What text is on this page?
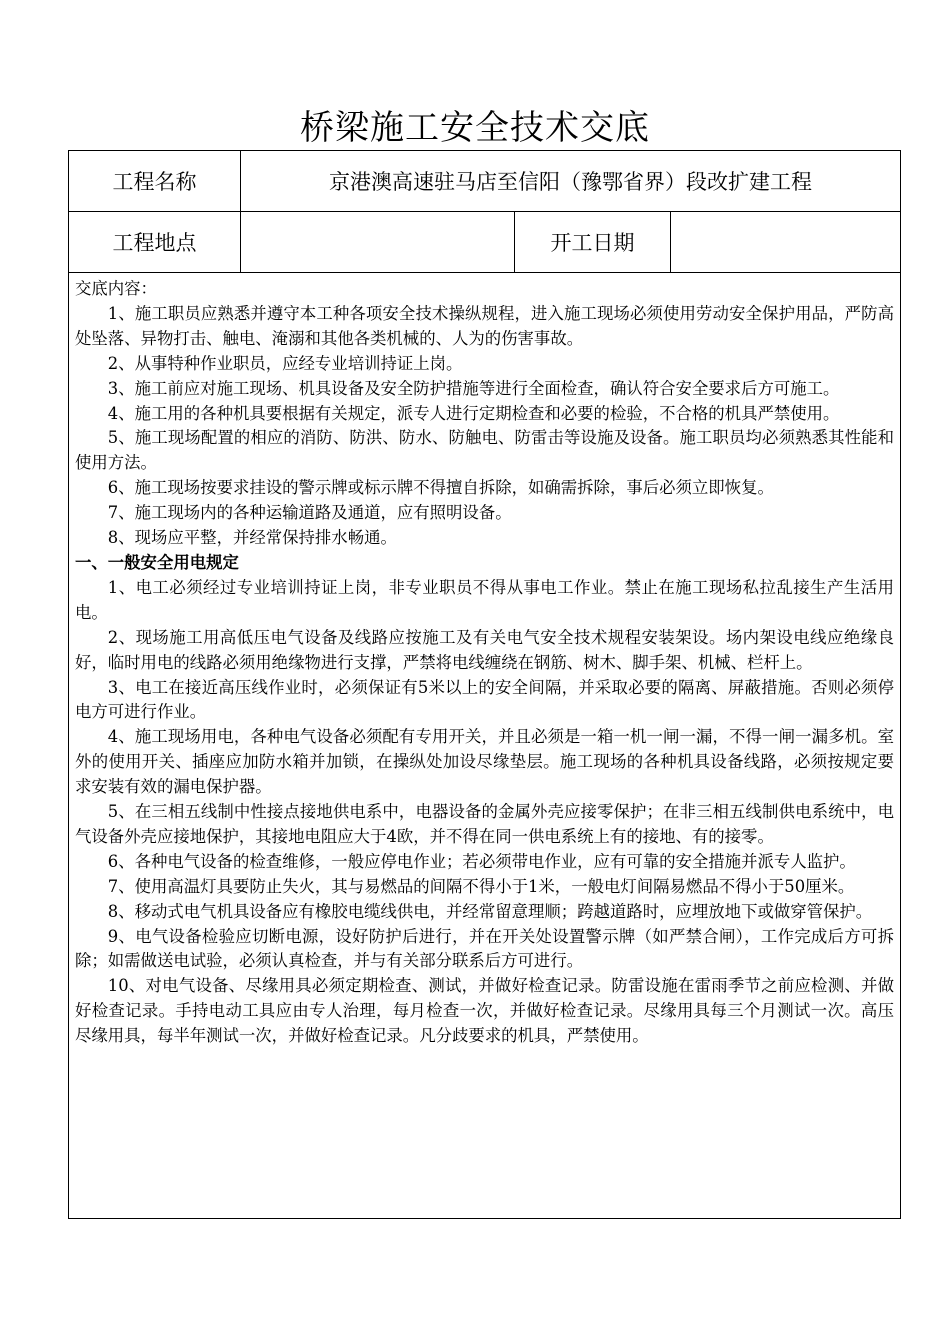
桥梁施工安全技术交底
工程名称	京港澳高速驻马店至信阳（豫鄂省界）段改扩建工程
工程地点	开工日期

交底内容：

1、施工职员应熟悉并遵守本工种各项安全技术操纵规程，进入施工现场必须使用劳动安全保护用品，严防高处坠落、异物打击、触电、淹溺和其他各类机械的、人为的伤害事故。

2、从事特种作业职员，应经专业培训持证上岗。

3、施工前应对施工现场、机具设备及安全防护措施等进行全面检查，确认符合安全要求后方可施工。

4、施工用的各种机具要根据有关规定，派专人进行定期检查和必要的检验，不合格的机具严禁使用。

5、施工现场配置的相应的消防、防洪、防水、防触电、防雷击等设施及设备。施工职员均必须熟悉其性能和使用方法。

6、施工现场按要求挂设的警示牌或标示牌不得擅自拆除，如确需拆除，事后必须立即恢复。

7、施工现场内的各种运输道路及通道，应有照明设备。

8、现场应平整，并经常保持排水畅通。

一、一般安全用电规定

1、电工必须经过专业培训持证上岗，非专业职员不得从事电工作业。禁止在施工现场私拉乱接生产生活用电。

2、现场施工用高低压电气设备及线路应按施工及有关电气安全技术规程安装架设。场内架设电线应绝缘良好，临时用电的线路必须用绝缘物进行支撑，严禁将电线缠绕在钢筋、树木、脚手架、机械、栏杆上。

3、电工在接近高压线作业时，必须保证有5米以上的安全间隔，并采取必要的隔离、屏蔽措施。否则必须停电方可进行作业。

4、施工现场用电，各种电气设备必须配有专用开关，并且必须是一箱一机一闸一漏，不得一闸一漏多机。室外的使用开关、插座应加防水箱并加锁，在操纵处加设尽缘垫层。施工现场的各种机具设备线路，必须按规定要求安装有效的漏电保护器。

5、在三相五线制中性接点接地供电系中，电器设备的金属外壳应接零保护；在非三相五线制供电系统中，电气设备外壳应接地保护，其接地电阻应大于4欧，并不得在同一供电系统上有的接地、有的接零。

6、各种电气设备的检查维修，一般应停电作业；若必须带电作业，应有可靠的安全措施并派专人监护。

7、使用高温灯具要防止失火，其与易燃品的间隔不得小于1米，一般电灯间隔易燃品不得小于50厘米。

8、移动式电气机具设备应有橡胶电缆线供电，并经常留意理顺；跨越道路时，应埋放地下或做穿管保护。

9、电气设备检验应切断电源，设好防护后进行，并在开关处设置警示牌（如严禁合闸），工作完成后方可拆除；如需做送电试验，必须认真检查，并与有关部分联系后方可进行。

10、对电气设备、尽缘用具必须定期检查、测试，并做好检查记录。防雷设施在雷雨季节之前应检测、并做好检查记录。手持电动工具应由专人治理，每月检查一次，并做好检查记录。尽缘用具每三个月测试一次。高压尽缘用具，每半年测试一次，并做好检查记录。凡分歧要求的机具，严禁使用。
